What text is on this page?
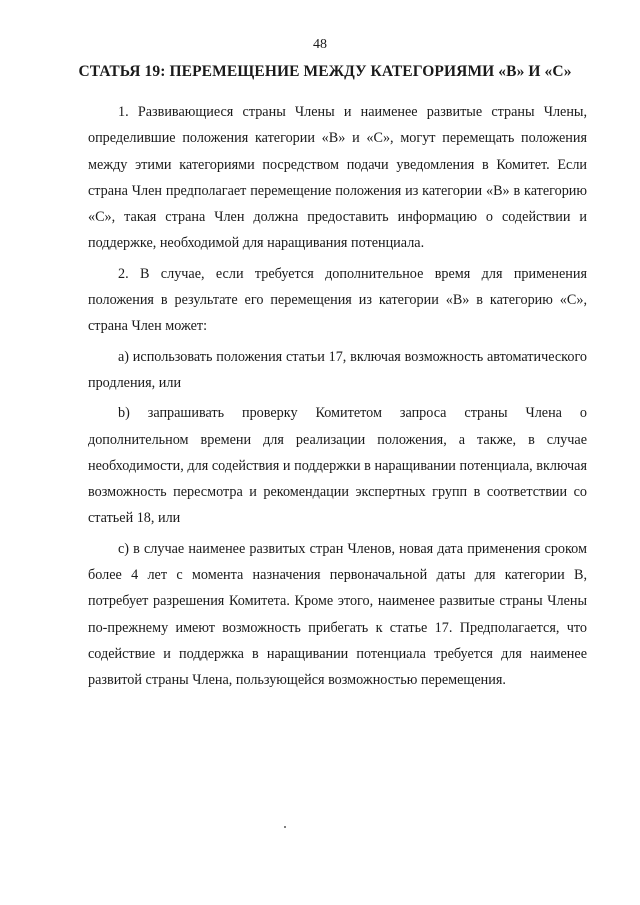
48
СТАТЬЯ 19: ПЕРЕМЕЩЕНИЕ МЕЖДУ КАТЕГОРИЯМИ «В» И «С»

1. Развивающиеся страны Члены и наименее развитые страны Члены, определившие положения категории «В» и «С», могут перемещать положения между этими категориями посредством подачи уведомления в Комитет. Если страна Член предполагает перемещение положения из категории «В» в категорию «С», такая страна Член должна предоставить информацию о содействии и поддержке, необходимой для наращивания потенциала.

2. В случае, если требуется дополнительное время для применения положения в результате его перемещения из категории «В» в категорию «С», страна Член может:

a) использовать положения статьи 17, включая возможность автоматического продления, или

b) запрашивать проверку Комитетом запроса страны Члена о дополнительном времени для реализации положения, а также, в случае необходимости, для содействия и поддержки в наращивании потенциала, включая возможность пересмотра и рекомендации экспертных групп в соответствии со статьей 18, или

c) в случае наименее развитых стран Членов, новая дата применения сроком более 4 лет с момента назначения первоначальной даты для категории В, потребует разрешения Комитета. Кроме этого, наименее развитые страны Члены по-прежнему имеют возможность прибегать к статье 17. Предполагается, что содействие и поддержка в наращивании потенциала требуется для наименее развитой страны Члена, пользующейся возможностью перемещения.
